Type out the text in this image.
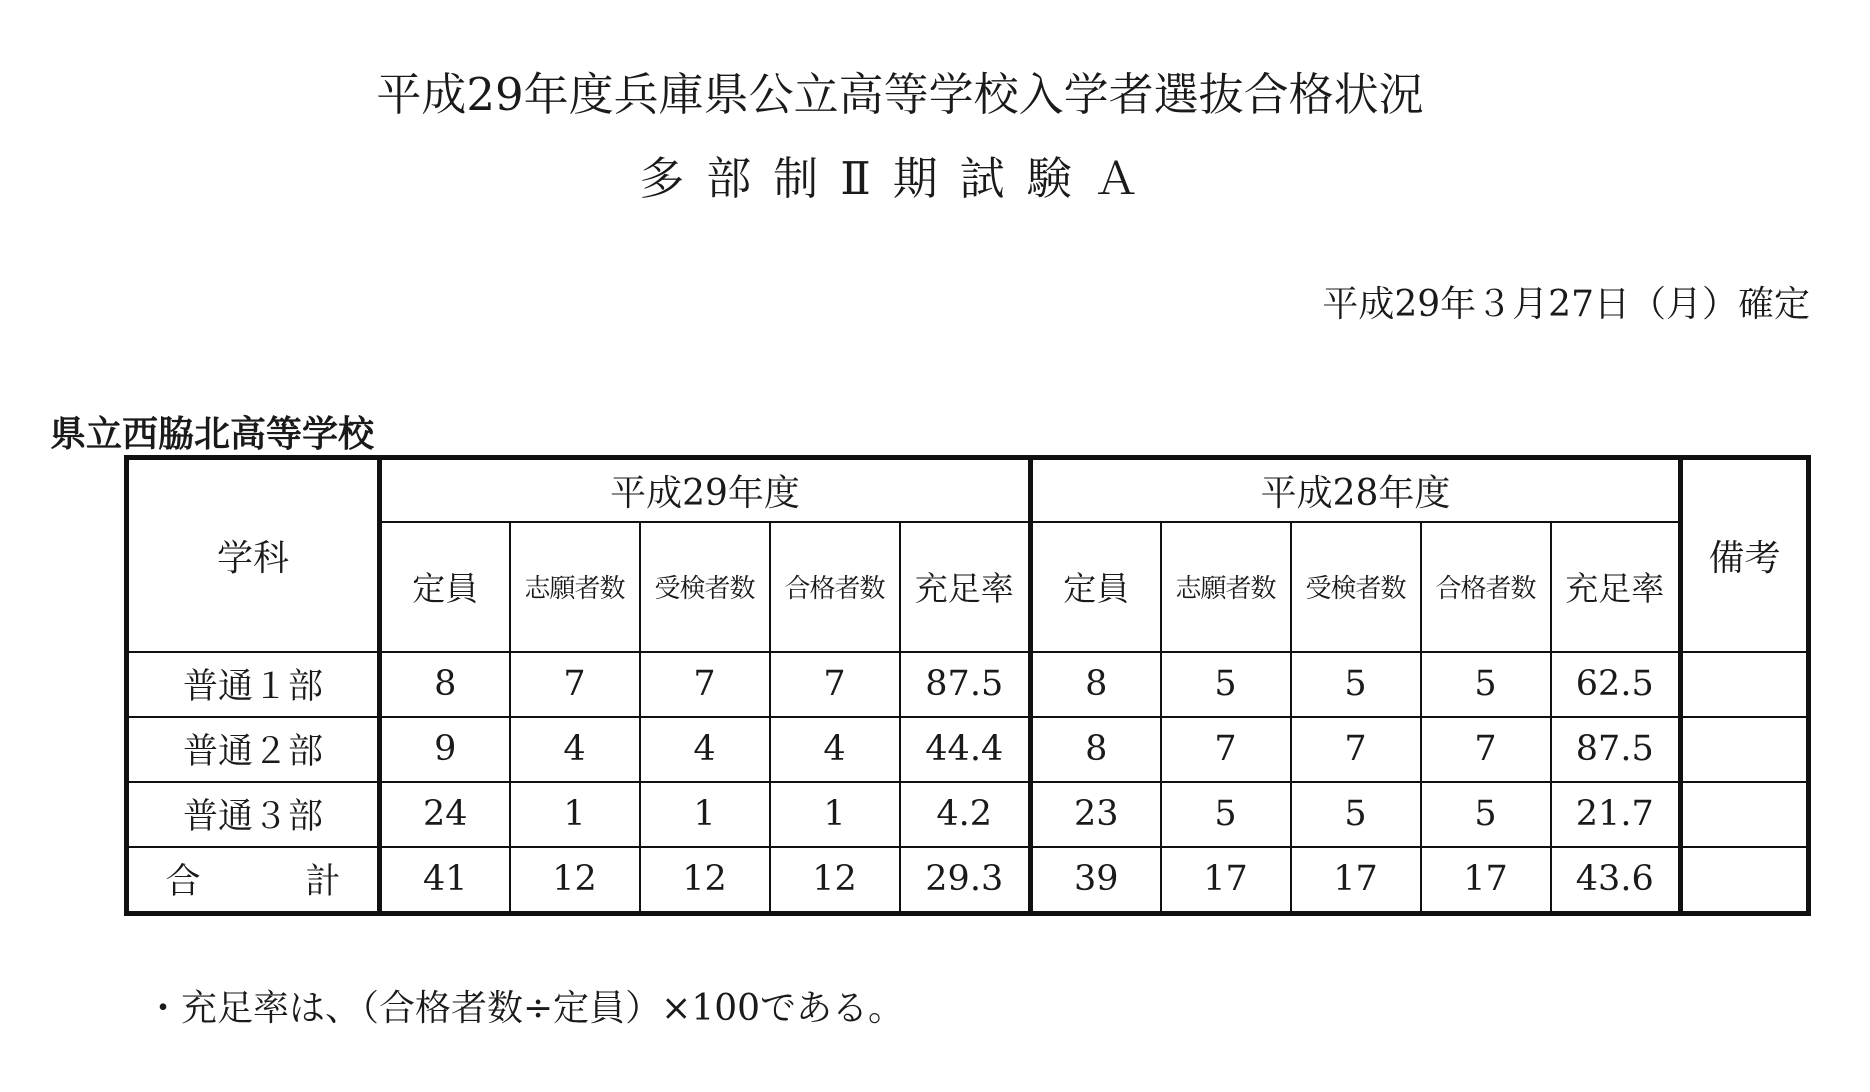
平成29年度兵庫県公立高等学校入学者選抜合格状況
多部制Ⅱ期試験Ａ
平成29年３月27日（月）確定
県立西脇北高等学校
学科	平成29年度					平成28年度					備考
	定員	志願者数	受検者数	合格者数	充足率	定員	志願者数	受検者数	合格者数	充足率	
普通１部	8	7	7	7	87.5	8	5	5	5	62.5	
普通２部	9	4	4	4	44.4	8	7	7	7	87.5	
普通３部	24	1	1	1	4.2	23	5	5	5	21.7	
合　　　計	41	12	12	12	29.3	39	17	17	17	43.6	
・充足率は、（合格者数÷定員）×100である。
